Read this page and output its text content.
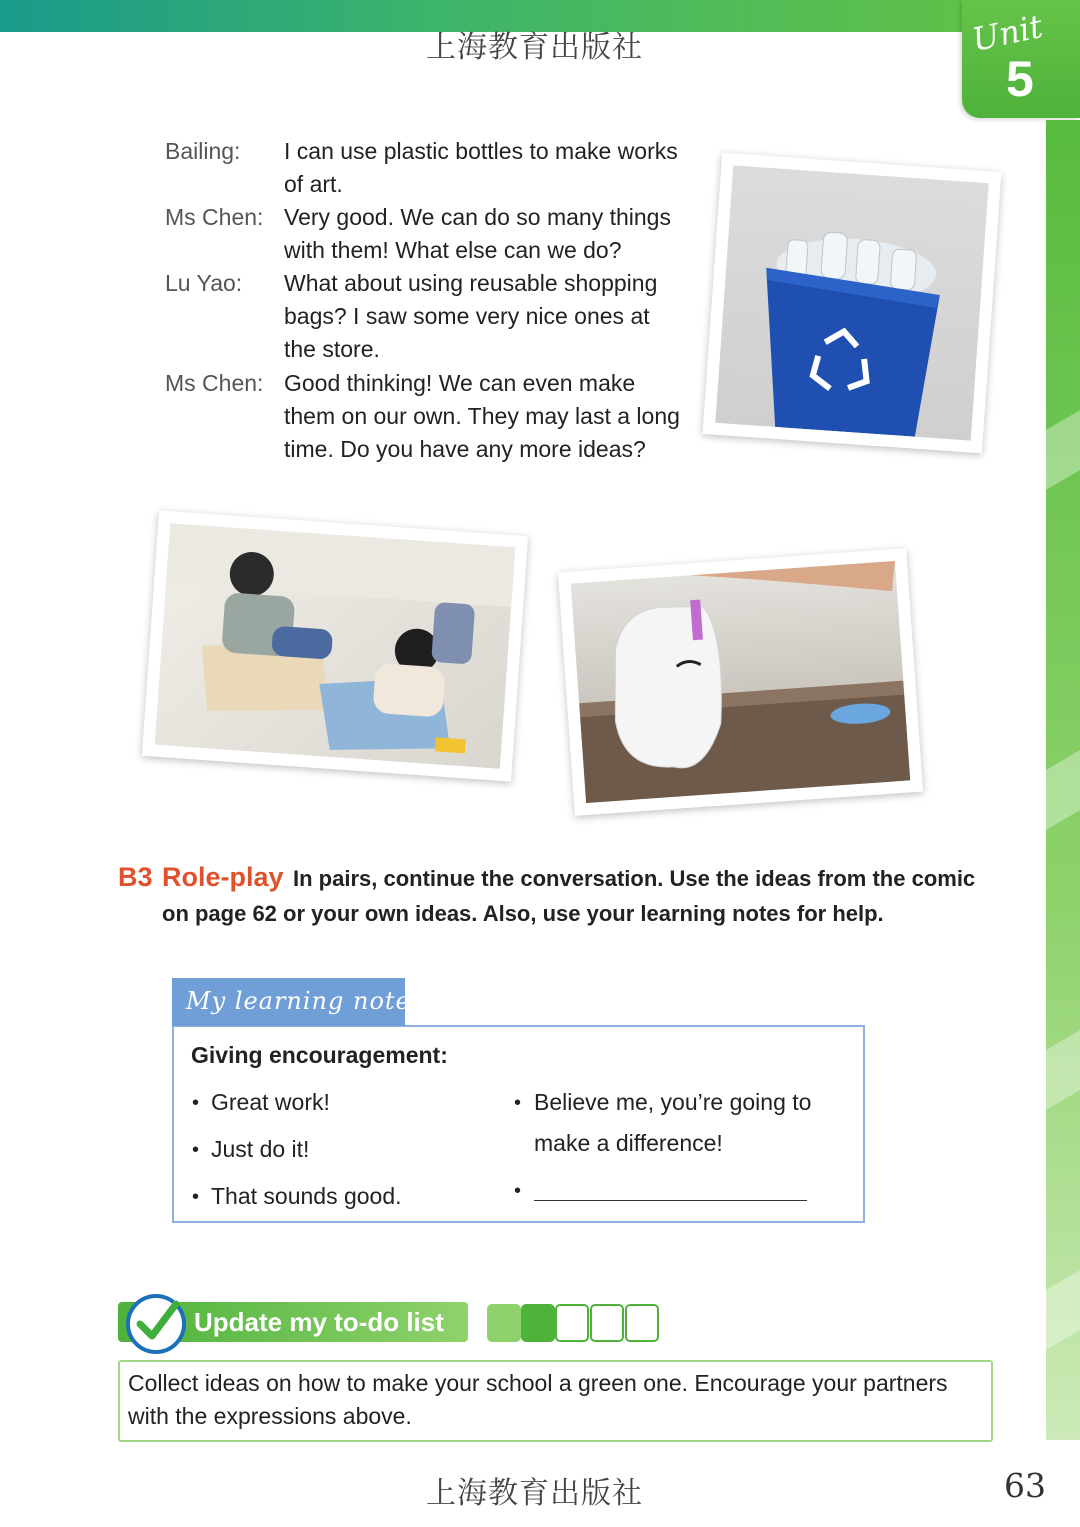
上海教育出版社	Unit
5
Bailing: I can use plastic bottles to make works
of art.
Ms Chen: Very good. We can do so many things
with them! What else can we do?
Lu Yao: What about using reusable shopping
bags? I saw some very nice ones at
the store.
Ms Chen: Good thinking! We can even make
them on our own. They may last a long
time. Do you have any more ideas?
B3 Role-play In pairs, continue the conversation. Use the ideas from the comic
on page 62 or your own ideas. Also, use your learning notes for help.
My learning notes
Giving encouragement:
• Great work!
• Just do it!
• That sounds good.
• Believe me, you’re going to
make a difference!
•
Update my to-do list
Collect ideas on how to make your school a green one. Encourage your partners
with the expressions above.
上海教育出版社	63
